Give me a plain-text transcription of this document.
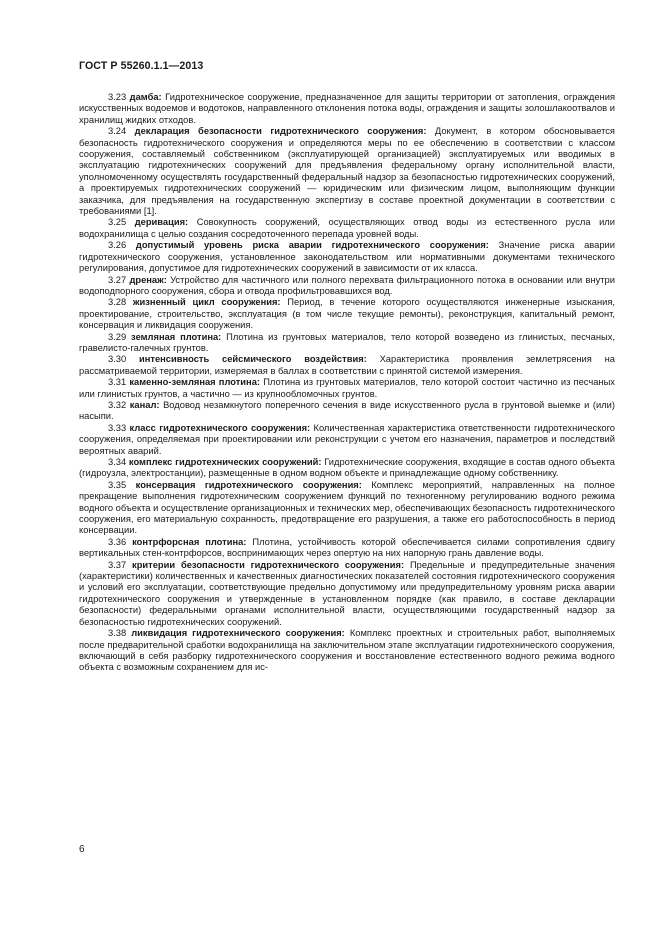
ГОСТ Р 55260.1.1—2013

3.23 дамба: Гидротехническое сооружение, предназначенное для защиты территории от затопления, ограждения искусственных водоемов и водотоков, направленного отклонения потока воды, ограждения и защиты золошлакоотвалов и хранилищ жидких отходов.

3.24 декларация безопасности гидротехнического сооружения: Документ, в котором обосновывается безопасность гидротехнического сооружения и определяются меры по ее обеспечению в соответствии с классом сооружения, составляемый собственником (эксплуатирующей организацией) эксплуатируемых или вводимых в эксплуатацию гидротехнических сооружений для предъявления федеральному органу исполнительной власти, уполномоченному осуществлять государственный федеральный надзор за безопасностью гидротехнических сооружений, а проектируемых гидротехнических сооружений — юридическим или физическим лицом, выполняющим функции заказчика, для предъявления на государственную экспертизу в составе проектной документации в соответствии с требованиями [1].

3.25 деривация: Совокупность сооружений, осуществляющих отвод воды из естественного русла или водохранилища с целью создания сосредоточенного перепада уровней воды.

3.26 допустимый уровень риска аварии гидротехнического сооружения: Значение риска аварии гидротехнического сооружения, установленное законодательством или нормативными документами технического регулирования, допустимое для гидротехнических сооружений в зависимости от их класса.

3.27 дренаж: Устройство для частичного или полного перехвата фильтрационного потока в основании или внутри водоподпорного сооружения, сбора и отвода профильтровавшихся вод.

3.28 жизненный цикл сооружения: Период, в течение которого осуществляются инженерные изыскания, проектирование, строительство, эксплуатация (в том числе текущие ремонты), реконструкция, капитальный ремонт, консервация и ликвидация сооружения.

3.29 земляная плотина: Плотина из грунтовых материалов, тело которой возведено из глинистых, песчаных, гравелисто-галечных грунтов.

3.30 интенсивность сейсмического воздействия: Характеристика проявления землетрясения на рассматриваемой территории, измеряемая в баллах в соответствии с принятой системой измерения.

3.31 каменно-земляная плотина: Плотина из грунтовых материалов, тело которой состоит частично из песчаных или глинистых грунтов, а частично — из крупнообломочных грунтов.

3.32 канал: Водовод незамкнутого поперечного сечения в виде искусственного русла в грунтовой выемке и (или) насыпи.

3.33 класс гидротехнического сооружения: Количественная характеристика ответственности гидротехнического сооружения, определяемая при проектировании или реконструкции с учетом его назначения, параметров и последствий вероятных аварий.

3.34 комплекс гидротехнических сооружений: Гидротехнические сооружения, входящие в состав одного объекта (гидроузла, электростанции), размещенные в одном водном объекте и принадлежащие одному собственнику.

3.35 консервация гидротехнического сооружения: Комплекс мероприятий, направленных на полное прекращение выполнения гидротехническим сооружением функций по техногенному регулированию водного режима водного объекта и осуществление организационных и технических мер, обеспечивающих безопасность гидротехнического сооружения, его материальную сохранность, предотвращение его разрушения, а также его работоспособность в период консервации.

3.36 контрфорсная плотина: Плотина, устойчивость которой обеспечивается силами сопротивления сдвигу вертикальных стен-контрфорсов, воспринимающих через опертую на них напорную грань давление воды.

3.37 критерии безопасности гидротехнического сооружения: Предельные и предупредительные значения (характеристики) количественных и качественных диагностических показателей состояния гидротехнического сооружения и условий его эксплуатации, соответствующие предельно допустимому или предупредительному уровням риска аварии гидротехнического сооружения и утвержденные в установленном порядке (как правило, в составе декларации безопасности) федеральными органами исполнительной власти, осуществляющими государственный надзор за безопасностью гидротехнических сооружений.

3.38 ликвидация гидротехнического сооружения: Комплекс проектных и строительных работ, выполняемых после предварительной сработки водохранилища на заключительном этапе эксплуатации гидротехнического сооружения, включающий в себя разборку гидротехнического сооружения и восстановление естественного водного режима водного объекта с возможным сохранением для ис-

6
